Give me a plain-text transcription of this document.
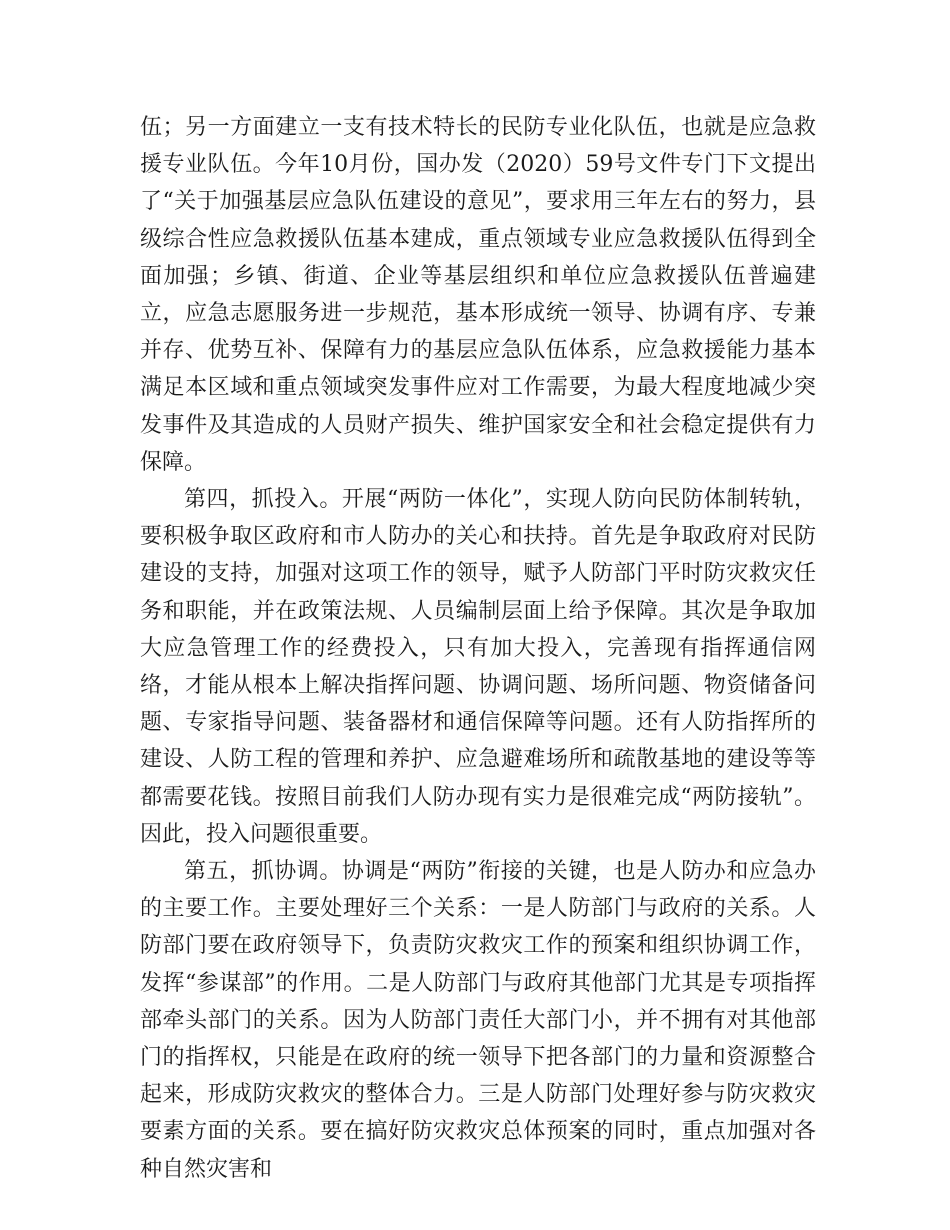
伍；另一方面建立一支有技术特长的民防专业化队伍，也就是应急救援专业队伍。今年10月份，国办发（2020）59号文件专门下文提出了“关于加强基层应急队伍建设的意见”，要求用三年左右的努力，县级综合性应急救援队伍基本建成，重点领域专业应急救援队伍得到全面加强；乡镇、街道、企业等基层组织和单位应急救援队伍普遍建立，应急志愿服务进一步规范，基本形成统一领导、协调有序、专兼并存、优势互补、保障有力的基层应急队伍体系，应急救援能力基本满足本区域和重点领域突发事件应对工作需要，为最大程度地减少突发事件及其造成的人员财产损失、维护国家安全和社会稳定提供有力保障。

第四，抓投入。开展“两防一体化”，实现人防向民防体制转轨，要积极争取区政府和市人防办的关心和扶持。首先是争取政府对民防建设的支持，加强对这项工作的领导，赋予人防部门平时防灾救灾任务和职能，并在政策法规、人员编制层面上给予保障。其次是争取加大应急管理工作的经费投入，只有加大投入，完善现有指挥通信网络，才能从根本上解决指挥问题、协调问题、场所问题、物资储备问题、专家指导问题、装备器材和通信保障等问题。还有人防指挥所的建设、人防工程的管理和养护、应急避难场所和疏散基地的建设等等都需要花钱。按照目前我们人防办现有实力是很难完成“两防接轨”。因此，投入问题很重要。

第五，抓协调。协调是“两防”衔接的关键，也是人防办和应急办的主要工作。主要处理好三个关系：一是人防部门与政府的关系。人防部门要在政府领导下，负责防灾救灾工作的预案和组织协调工作，发挥“参谋部”的作用。二是人防部门与政府其他部门尤其是专项指挥部牵头部门的关系。因为人防部门责任大部门小，并不拥有对其他部门的指挥权，只能是在政府的统一领导下把各部门的力量和资源整合起来，形成防灾救灾的整体合力。三是人防部门处理好参与防灾救灾要素方面的关系。要在搞好防灾救灾总体预案的同时，重点加强对各种自然灾害和
